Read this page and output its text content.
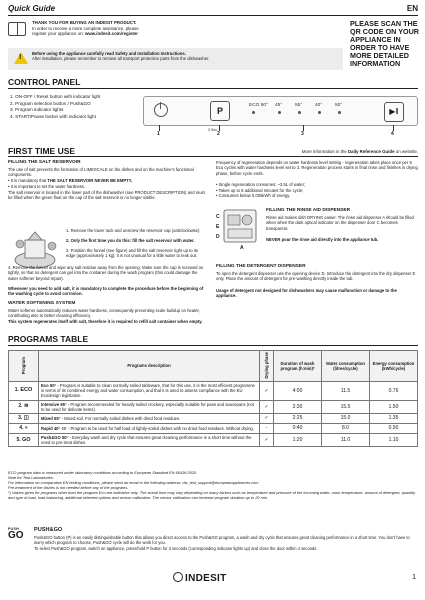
Quick Guide	EN
THANK YOU FOR BUYING AN INDESIT PRODUCT.
In order to receive a more complete assistance, please
register your appliance on: www.indesit.com/register
PLEASE SCAN THE QR CODE ON YOUR APPLIANCE IN ORDER TO HAVE MORE DETAILED INFORMATION
!
Before using the appliance carefully read Safety and Installation Instructions.
After installation, please remember to remove all transport protection parts from the dishwasher.
CONTROL PANEL
1. ON-OFF / Reset button with indicator light
2. Program selection button / Push&GO
3. Program indicator lights
4. START/Pause button with indicator light
P
3 Sec
ECO 50° 45°	55°	40°	50°
▶‖
1	2	3	4
FIRST TIME USE	More information in the Daily Reference Guide on website.
FILLING THE SALT RESERVOIR
The use of salt prevents the formation of LIMESCALE on the dishes and on the machine's functional components.
• It is mandatory that THE SALT RESERVOIR NEVER BE EMPTY.
• It is important to set the water hardness.
The salt reservoir is located in the lower part of the dishwasher (see PRODUCT DESCRIPTION) and must be filled when the green float on the cap of the salt reservoir is no longer visible.
1. Remove the lower rack and unscrew the reservoir cap (anticlockwise).
2. Only the first time you do this: fill the salt reservoir with water.
3. Position the funnel (see figure) and fill the salt reservoir right up to its edge (approximately 1 kg); it is not unusual for a little water to leak out.
4. Remove the funnel and wipe any salt residue away from the opening. Make sure the cap is screwed on tightly, so that no detergent can get into the container during the wash program (this could damage the water softener beyond repair).
Whenever you need to add salt, it is mandatory to complete the procedure before the beginning of the washing cycle to avoid corrosion.
WATER SOFTENING SYSTEM
Water softener automatically reduces water hardness, consequently preventing scale buildup on heater, contributing also to better cleaning efficiency.
This system regenerates itself with salt, therefore it is required to refill salt container when empty.
Frequency of regeneration depends on water hardness level setting - regeneration takes place once per 5 Eco cycles with water hardness level set to 3. Regeneration process starts in final rinse and finishes in drying phase, before cycle ends.
• Single regeneration consumes: ~3.5L of water;
• Takes up to 5 additional minutes for the cycle;
• Consumes below 0.005kWh of energy.
C
E
D
A
FILLING THE RINSE AID DISPENSER
Rinse aid makes dish DRYING easier. The rinse aid dispenser A should be filled when when the dark optical indicator on the dispenser door C becomes transparent.
NEVER pour the rinse aid directly into the appliance tub.
FILLING THE DETERGENT DISPENSER
To open the detergent dispenser use the opening device D. Introduce the detergent into the dry dispenser E only. Place the amount of detergent for pre-washing directly inside the tub.
Usage of detergent not designed for dishwashers may cause malfunction or damage to the appliance.
PROGRAMS TABLE
Program	Programs description	Drying phase	Duration of wash program (h:min)*	Water consumption (litres/cycle)	Energy consumption (kWh/cycle)
1. ECO	Eco 50° - Program is suitable to clean normally soiled tableware, that for this use, it is the most efficient programme in terms of its combined energy and water consumption, and that it is used to assess compliance with the EU Ecodesign legislation.	✓	4:00	11.5	0.76
2. ≋	Intensive 65° - Program recommended for heavily soiled crockery, especially suitable for pans and saucepans (not to be used for delicate items).	✓	2:30	15.5	1.50
3. ◫	Mixed 55° - Mixed soil. For normally soiled dishes with dried food residues.	✓	2:25	15.0	1.35
4. »	Rapid 40° 45' - Program to be used for half load of lightly-soiled dishes with no dried food residues. Without drying.	-	0:40	8.0	0.90
5. GO	Push&GO 50° - Everyday wash and dry cycle that ensures great cleaning performance in a short time without the need to pre-treat dishes.	✓	1:20	11.0	1.10
ECO program data is measured under laboratory conditions according to European Standard EN 60436:2020.
Note for Test Laboratories:
For information on comparative EN testing conditions, please send an email to the following address: dw_test_support@europeanappliances.com
Pre-treatment of the dishes is not needed before any of the programs.
*) Values given for programs other than the program Eco are indicative only. The actual time may vary depending on many factors such as temperature and pressure of the incoming water, room temperature, amount of detergent, quantity and type of load, load balancing, additional selected options and sensor calibration. The sensor calibration can increase program duration up to 20 min.
PUSH
GO
PUSH&GO
Push&GO button (P) is an easily distinguishable button that allows you direct access to the Push&GO program, a wash and dry cycle that ensures great cleaning performance in a short time. You don't have to worry which program to choose, Push&GO cycle will do the work for you.
To select Push&GO program, switch on appliance, press/hold P button for 3 seconds (corresponding indicator lights up) and close the door within 4 seconds.
INDESIT	1
